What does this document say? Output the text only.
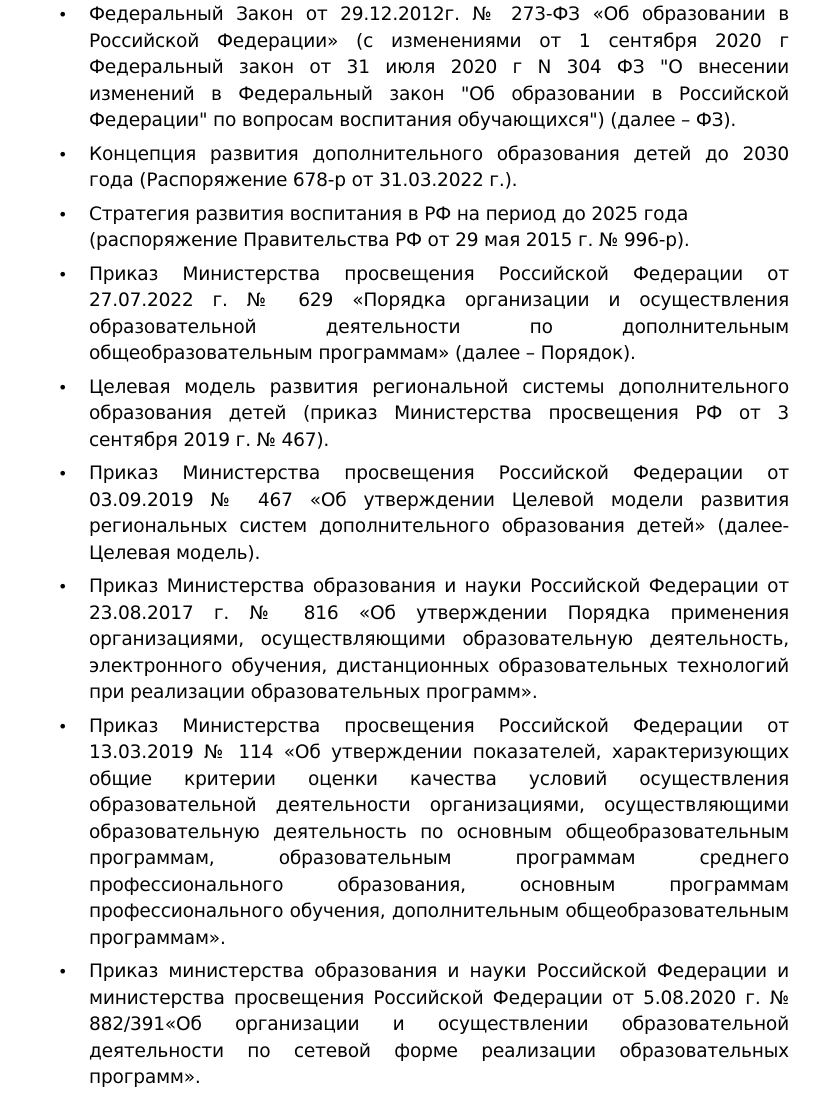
• Федеральный Закон от 29.12.2012г. № 273-ФЗ «Об образовании в Российской Федерации» (с изменениями от 1 сентября 2020 г Федеральный закон от 31 июля 2020 г N 304 ФЗ "О внесении изменений в Федеральный закон "Об образовании в Российской Федерации" по вопросам воспитания обучающихся") (далее – ФЗ).
• Концепция развития дополнительного образования детей до 2030 года (Распоряжение 678-р от 31.03.2022 г.).
• Стратегия развития воспитания в РФ на период до 2025 года (распоряжение Правительства РФ от 29 мая 2015 г. № 996-р).
• Приказ Министерства просвещения Российской Федерации от 27.07.2022 г. № 629 «Порядка организации и осуществления образовательной деятельности по дополнительным общеобразовательным программам» (далее – Порядок).
• Целевая модель развития региональной системы дополнительного образования детей (приказ Министерства просвещения РФ от 3 сентября 2019 г. № 467).
• Приказ Министерства просвещения Российской Федерации от 03.09.2019 № 467 «Об утверждении Целевой модели развития региональных систем дополнительного образования детей» (далее- Целевая модель).
• Приказ Министерства образования и науки Российской Федерации от 23.08.2017 г. № 816 «Об утверждении Порядка применения организациями, осуществляющими образовательную деятельность, электронного обучения, дистанционных образовательных технологий при реализации образовательных программ».
• Приказ Министерства просвещения Российской Федерации от 13.03.2019 № 114 «Об утверждении показателей, характеризующих общие критерии оценки качества условий осуществления образовательной деятельности организациями, осуществляющими образовательную деятельность по основным общеобразовательным программам, образовательным программам среднего профессионального образования, основным программам профессионального обучения, дополнительным общеобразовательным программам».
• Приказ министерства образования и науки Российской Федерации и министерства просвещения Российской Федерации от 5.08.2020 г. № 882/391«Об организации и осуществлении образовательной деятельности по сетевой форме реализации образовательных программ».
